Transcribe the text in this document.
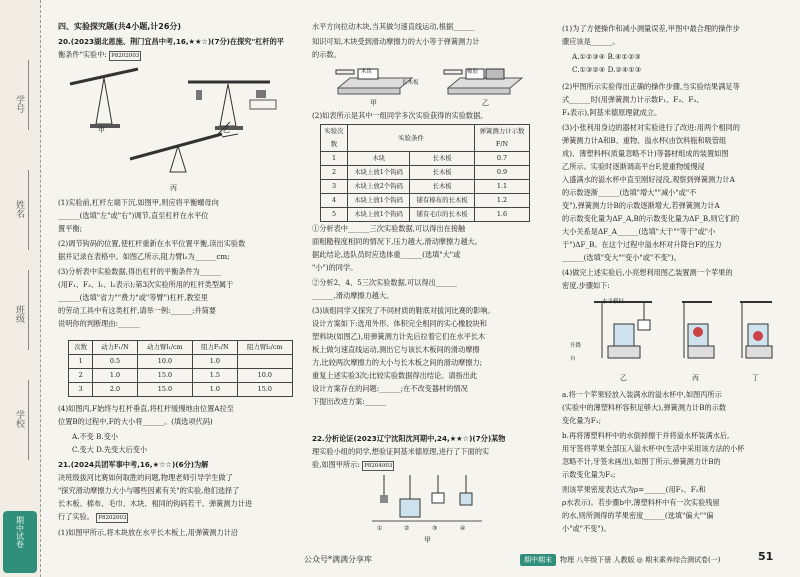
学号
姓名
班级
学校
期中试卷
四、实验探究题(共4小题,计26分)
20.(2023湖北恩施、荆门宜昌中考,16,★★☆)(7分)在探究"杠杆的平
衡条件"实验中: P8202003
甲	乙
丙
(1)实验前,杠杆左端下沉,如图甲,则应将平衡螺母向
______(选填"左"或"右")调节,直至杠杆在水平位
置平衡;
(2)调节钩码的位置,使杠杆重新在水平位置平衡,读出实验数
据并记录在表格中。如图乙所示,阻力臂l₂为______cm;
(3)分析表中实验数据,得出杠杆的平衡条件为______
(用F₁、F₂、l₁、l₂表示);第3次实验所用的杠杆类型属于
______(选填"省力""费力"或"等臂")杠杆,教室里
的劳动工具中有这类杠杆,请举一例:______;并简要
说明你的判断理由:______
次数	动力F₁/N	动力臂l₁/cm	阻力F₂/N	阻力臂l₂/cm
1	0.5	10.0	1.0	
2	1.0	15.0	1.5	10.0
3	2.0	15.0	1.0	15.0
(4)如图丙,F始终与杠杆垂直,将杠杆缓慢地由位置A拉至
位置B的过程中,F的大小将______。(填选项代码)
A.不变 B.变小
C.变大 D.先变大后变小
21.(2024兵团军事中考,16,★☆☆)(6分)为解
决班级拔河比赛如何取胜的问题,物理老师引导学生做了
"探究滑动摩擦力大小与哪些因素有关"的实验,他们选择了
长木板、棉布、毛巾、木块、相同的钩码若干、弹簧测力计进
行了实验。 P8202003
(1)如图甲所示,将木块放在水平长木板上,用弹簧测力计沿
水平方向拉动木块,当其做匀速直线运动,根据______
知识可知,木块受到滑动摩擦力的大小等于弹簧测力计
的示数。
木块	橡胶
长木板
甲	乙
(2)如表所示是其中一组同学多次实验获得的实验数据。
实验次数	实验条件		弹簧测力计示数F/N
1	木块	长木板	0.7
2	木块上放1个钩码	长木板	0.9
3	木块上放2个钩码	长木板	1.1
4	木块上放1个钩码	铺有棉布的长木板	1.2
5	木块上放1个钩码	铺有毛巾的长木板	1.6
①分析表中______三次实验数据,可以得出在接触
面粗糙程度相同的情况下,压力越大,滑动摩擦力越大。
据此结论,选队员时应选体重______(选填"大"或
"小")的同学。
②分析2、4、5三次实验数据,可以得出______
______,滑动摩擦力越大。
(3)该组同学又探究了不同材质的鞋底对拔河比赛的影响。
设计方案如下:选用外形、体积完全相同的实心橡胶块和
塑料块(如图乙),用弹簧测力计先后拉着它们在水平长木
板上做匀速直线运动,测出它与该长木板间的滑动摩擦
力,比较两次摩擦力的大小与长木板之间的滑动摩擦力;
重复上述实验3次;比较实验数据得出结论。请指出此
设计方案存在的问题:______;在不改变器材的情况
下提出改进方案:______
22.分析论证(2023辽宁沈阳沈河期中,24,★★☆)(7分)某物
理实验小组的同学,想验证阿基米德原理,进行了下面的实
验,如图甲所示: P8204003
①	②	③	④
甲
(1)为了方便操作和减小测量误差,甲图中最合理的操作步
骤应该是______。
A.①②③④ B.④①②③
C.①③②④ D.②④①③
(2)甲图所示实验得出正确的操作步骤,当实验结果满足等
式______时(用弹簧测力计示数F₁、F₂、F₃、
F₄表示),阿基米德原理就成立。
(3)小张利用身边的器材对实验进行了改进:用两个相同的
弹簧测力计A和B、重物、溢水杯(由饮料瓶和吸管组
成)、薄塑料杯(质量忽略不计)等器材组成的装置如图
乙所示。实验时逐渐调高平台F,使重物缓慢浸
入盛满水的溢水杯中直至刚好浸没,观察到弹簧测力计A
的示数逐渐______(选填"增大""减小"或"不
变"),弹簧测力计B的示数逐渐增大,若弹簧测力计A
的示数变化量为ΔF_A,B的示数变化量为ΔF_B,则它们的
大小关系是ΔF_A______(选填"大于""等于"或"小
于")ΔF_B。在这个过程中溢水杯对升降台F的压力
______(选填"变大""变小"或"不变")。
(4)做完上述实验后,小亮想利用图乙装置测一个苹果的
密度,步骤如下:
水平横杆
升降台
乙	丙	丁
a.将一个苹果轻放入装满水的溢水杯中,如图丙所示
(实验中的薄塑料杯容积足够大),弹簧测力计B的示数
变化量为F₁;
b.再将薄塑料杯中的水倒掉擦干并将溢水杯装满水后,
用牙签将苹果全部压入溢水杯中(生活中采用该方法的小杯
忽略不计,牙签未画出),如图丁所示,弹簧测力计B的
示数变化量为F₂;
则该苹果密度表达式为ρ=______(用F₁、F₂和
ρ水表示)。若步骤b中,薄塑料杯中有一次实验残留
的水,则所测得的苹果密度______(选填"偏大""偏
小"或"不变")。
公众号*满满分享库	期中期末	物理 八年级下册 人教版 ◎ 期末素养综合测试卷(一)	51
